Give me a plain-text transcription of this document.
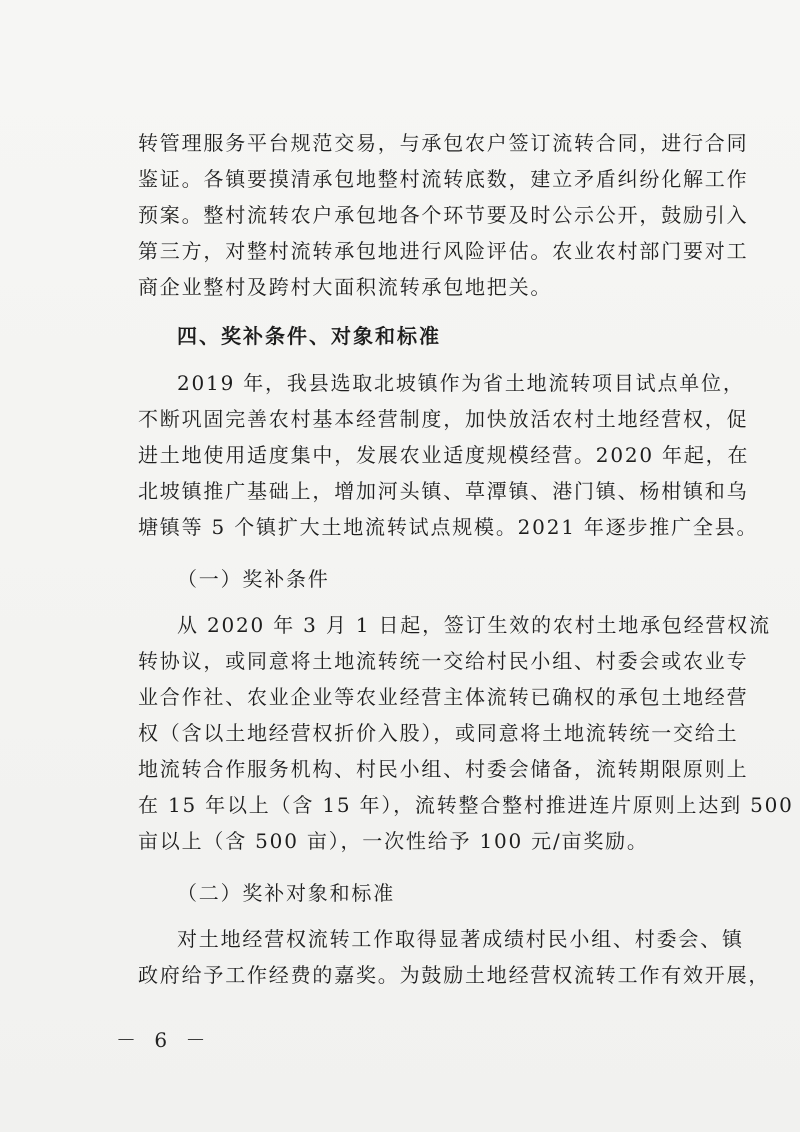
转管理服务平台规范交易，与承包农户签订流转合同，进行合同
鉴证。各镇要摸清承包地整村流转底数，建立矛盾纠纷化解工作
预案。整村流转农户承包地各个环节要及时公示公开，鼓励引入
第三方，对整村流转承包地进行风险评估。农业农村部门要对工
商企业整村及跨村大面积流转承包地把关。
四、奖补条件、对象和标准
2019 年，我县选取北坡镇作为省土地流转项目试点单位，
不断巩固完善农村基本经营制度，加快放活农村土地经营权，促
进土地使用适度集中，发展农业适度规模经营。2020 年起，在
北坡镇推广基础上，增加河头镇、草潭镇、港门镇、杨柑镇和乌
塘镇等 5 个镇扩大土地流转试点规模。2021 年逐步推广全县。
（一）奖补条件
从 2020 年 3 月 1 日起，签订生效的农村土地承包经营权流
转协议，或同意将土地流转统一交给村民小组、村委会或农业专
业合作社、农业企业等农业经营主体流转已确权的承包土地经营
权（含以土地经营权折价入股），或同意将土地流转统一交给土
地流转合作服务机构、村民小组、村委会储备，流转期限原则上
在 15 年以上（含 15 年），流转整合整村推进连片原则上达到 500
亩以上（含 500 亩），一次性给予 100 元/亩奖励。
（二）奖补对象和标准
对土地经营权流转工作取得显著成绩村民小组、村委会、镇
政府给予工作经费的嘉奖。为鼓励土地经营权流转工作有效开展，
－ 6 －
